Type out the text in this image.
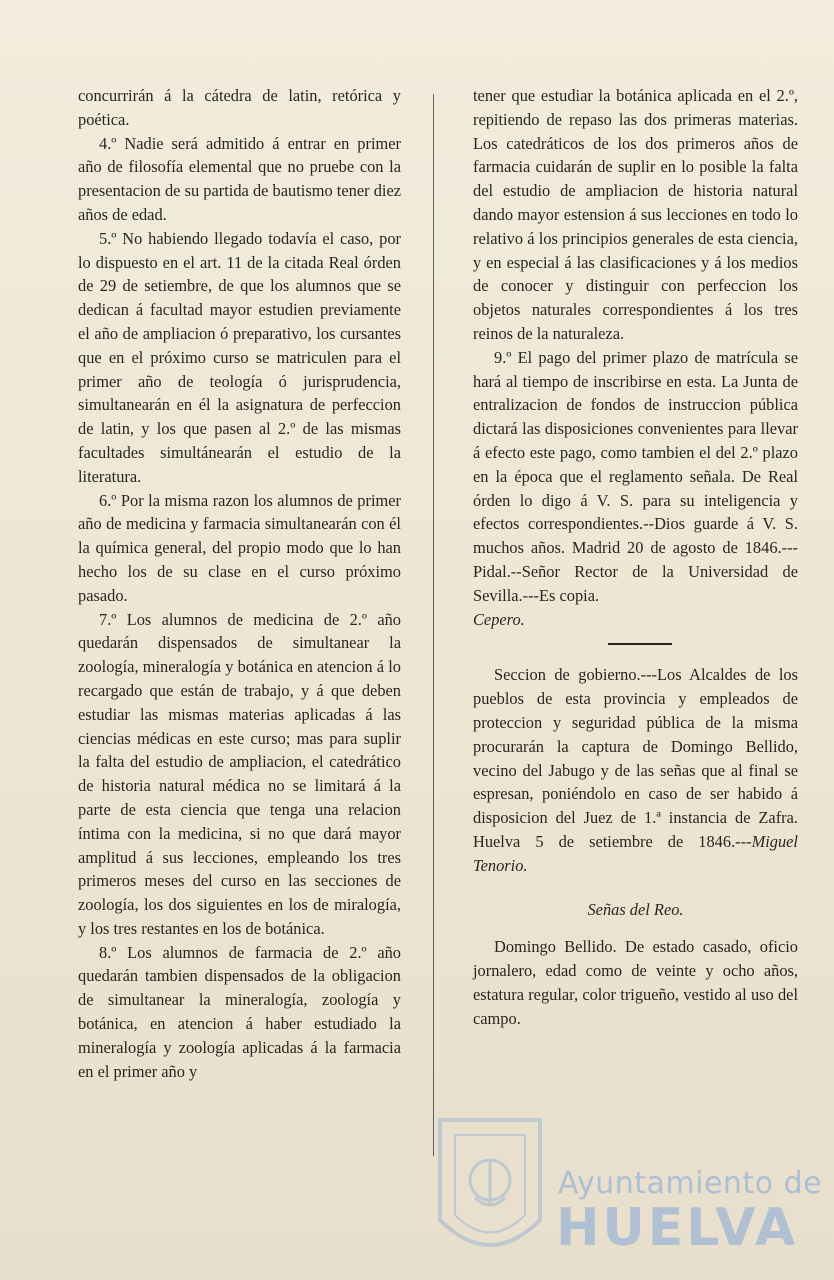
concurrirán á la cátedra de latin, retórica y poética.

4.º Nadie será admitido á entrar en primer año de filosofía elemental que no pruebe con la presentacion de su partida de bautismo tener diez años de edad.

5.º No habiendo llegado todavía el caso, por lo dispuesto en el art. 11 de la citada Real órden de 29 de setiembre, de que los alumnos que se dedican á facultad mayor estudien previamente el año de ampliacion ó preparativo, los cursantes que en el próximo curso se matriculen para el primer año de teología ó jurisprudencia, simultanearán en él la asignatura de perfeccion de latin, y los que pasen al 2.º de las mismas facultades simultánearán el estudio de la literatura.

6.º Por la misma razon los alumnos de primer año de medicina y farmacia simultanearán con él la química general, del propio modo que lo han hecho los de su clase en el curso próximo pasado.

7.º Los alumnos de medicina de 2.º año quedarán dispensados de simultanear la zoología, mineralogía y botánica en atencion á lo recargado que están de trabajo, y á que deben estudiar las mismas materias aplicadas á las ciencias médicas en este curso; mas para suplir la falta del estudio de ampliacion, el catedrático de historia natural médica no se limitará á la parte de esta ciencia que tenga una relacion íntima con la medicina, si no que dará mayor amplitud á sus lecciones, empleando los tres primeros meses del curso en las secciones de zoología, los dos siguientes en los de miralogía, y los tres restantes en los de botánica.

8.º Los alumnos de farmacia de 2.º año quedarán tambien dispensados de la obligacion de simultanear la mineralogía, zoología y botánica, en atencion á haber estudiado la mineralogía y zoología aplicadas á la farmacia en el primer año y

tener que estudiar la botánica aplicada en el 2.º, repitiendo de repaso las dos primeras materias. Los catedráticos de los dos primeros años de farmacia cuidarán de suplir en lo posible la falta del estudio de ampliacion de historia natural dando mayor estension á sus lecciones en todo lo relativo á los principios generales de esta ciencia, y en especial á las clasificaciones y á los medios de conocer y distinguir con perfeccion los objetos naturales correspondientes á los tres reinos de la naturaleza.

9.º El pago del primer plazo de matrícula se hará al tiempo de inscribirse en esta. La Junta de entralizacion de fondos de instruccion pública dictará las disposiciones convenientes para llevar á efecto este pago, como tambien el del 2.º plazo en la época que el reglamento señala. De Real órden lo digo á V. S. para su inteligencia y efectos correspondientes.--Dios guarde á V. S. muchos años. Madrid 20 de agosto de 1846.--- Pidal.--Señor Rector de la Universidad de Sevilla.---Es copia.

Cepero.

Seccion de gobierno.---Los Alcaldes de los pueblos de esta provincia y empleados de proteccion y seguridad pública de la misma procurarán la captura de Domingo Bellido, vecino del Jabugo y de las señas que al final se espresan, poniéndolo en caso de ser habido á disposicion del Juez de 1.ª instancia de Zafra. Huelva 5 de setiembre de 1846.---Miguel Tenorio.

Señas del Reo.

Domingo Bellido. De estado casado, oficio jornalero, edad como de veinte y ocho años, estatura regular, color trigueño, vestido al uso del campo.

Ayuntamiento de
HUELVA
